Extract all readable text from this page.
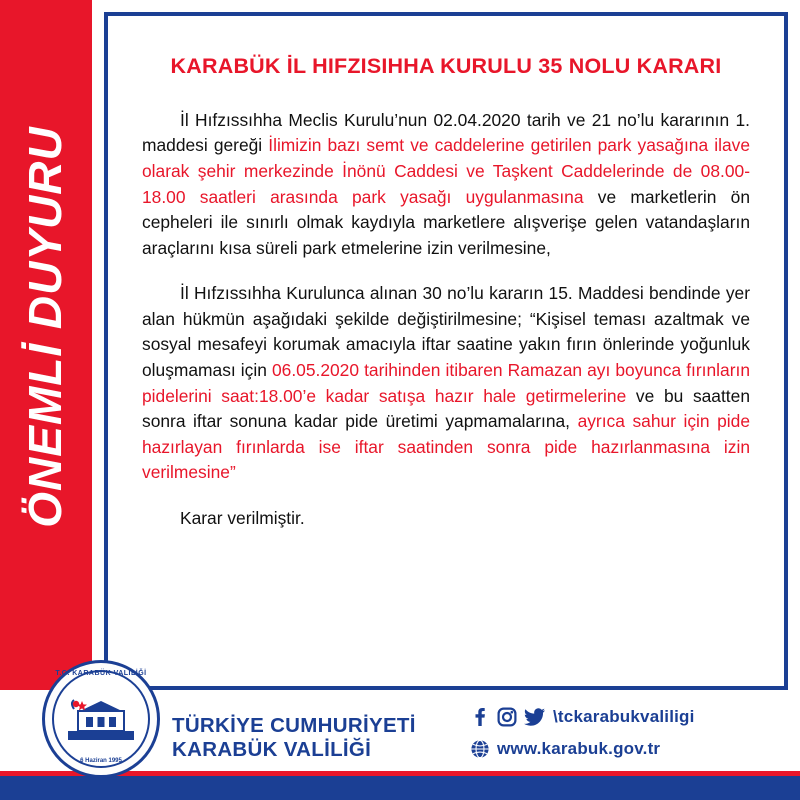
ÖNEMLİ DUYURU
KARABÜK İL HIFZISIHHA KURULU 35 NOLU KARARI

İl Hıfzıssıhha Meclis Kurulu’nun 02.04.2020 tarih ve 21 no’lu kararının 1. maddesi gereği İlimizin bazı semt ve caddelerine getirilen park yasağına ilave olarak şehir merkezinde İnönü Caddesi ve Taşkent Caddelerinde de 08.00-18.00 saatleri arasında park yasağı uygulanmasına ve marketlerin ön cepheleri ile sınırlı olmak kaydıyla marketlere alışverişe gelen vatandaşların araçlarını kısa süreli park etmelerine izin verilmesine,

İl Hıfzıssıhha Kurulunca alınan 30 no’lu kararın 15. Maddesi bendinde yer alan hükmün aşağıdaki şekilde değiştirilmesine; “Kişisel teması azaltmak ve sosyal mesafeyi korumak amacıyla iftar saatine yakın fırın önlerinde yoğunluk oluşmaması için 06.05.2020 tarihinden itibaren Ramazan ayı boyunca fırınların pidelerini saat:18.00’e kadar satışa hazır hale getirmelerine ve bu saatten sonra iftar sonuna kadar pide üretimi yapmamalarına, ayrıca sahur için pide hazırlayan fırınlarda ise iftar saatinden sonra pide hazırlanmasına izin verilmesine”

Karar verilmiştir.

T.C. KARABÜK VALİLİĞİ
6 Haziran 1995
TÜRKİYE CUMHURİYETİ
KARABÜK VALİLİĞİ
\tckarabukvaliligi
www.karabuk.gov.tr
